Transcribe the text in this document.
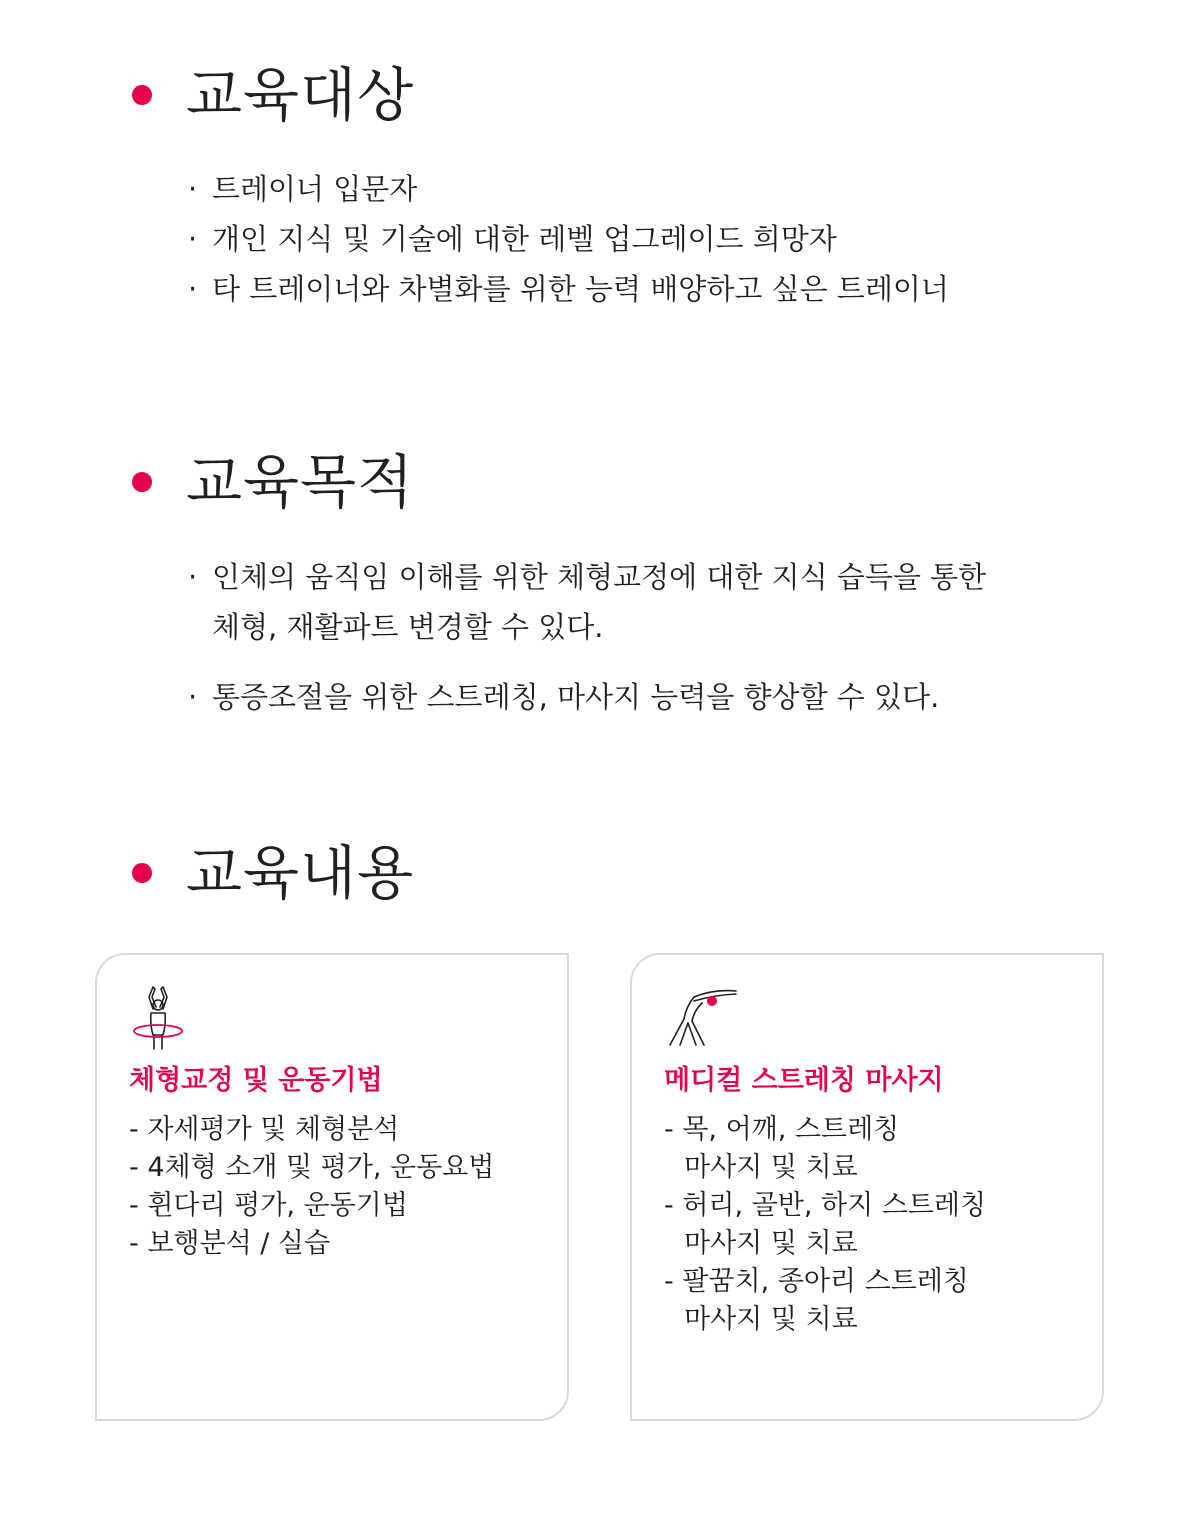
교육대상
· 트레이너 입문자
· 개인 지식 및 기술에 대한 레벨 업그레이드 희망자
· 타 트레이너와 차별화를 위한 능력 배양하고 싶은 트레이너
교육목적
· 인체의 움직임 이해를 위한 체형교정에 대한 지식 습득을 통한
체형, 재활파트 변경할 수 있다.
· 통증조절을 위한 스트레칭, 마사지 능력을 향상할 수 있다.
교육내용
체형교정 및 운동기법
- 자세평가 및 체형분석
- 4체형 소개 및 평가, 운동요법
- 휜다리 평가, 운동기법
- 보행분석 / 실습
메디컬 스트레칭 마사지
- 목, 어깨, 스트레칭
마사지 및 치료
- 허리, 골반, 하지 스트레칭
마사지 및 치료
- 팔꿈치, 종아리 스트레칭
마사지 및 치료
